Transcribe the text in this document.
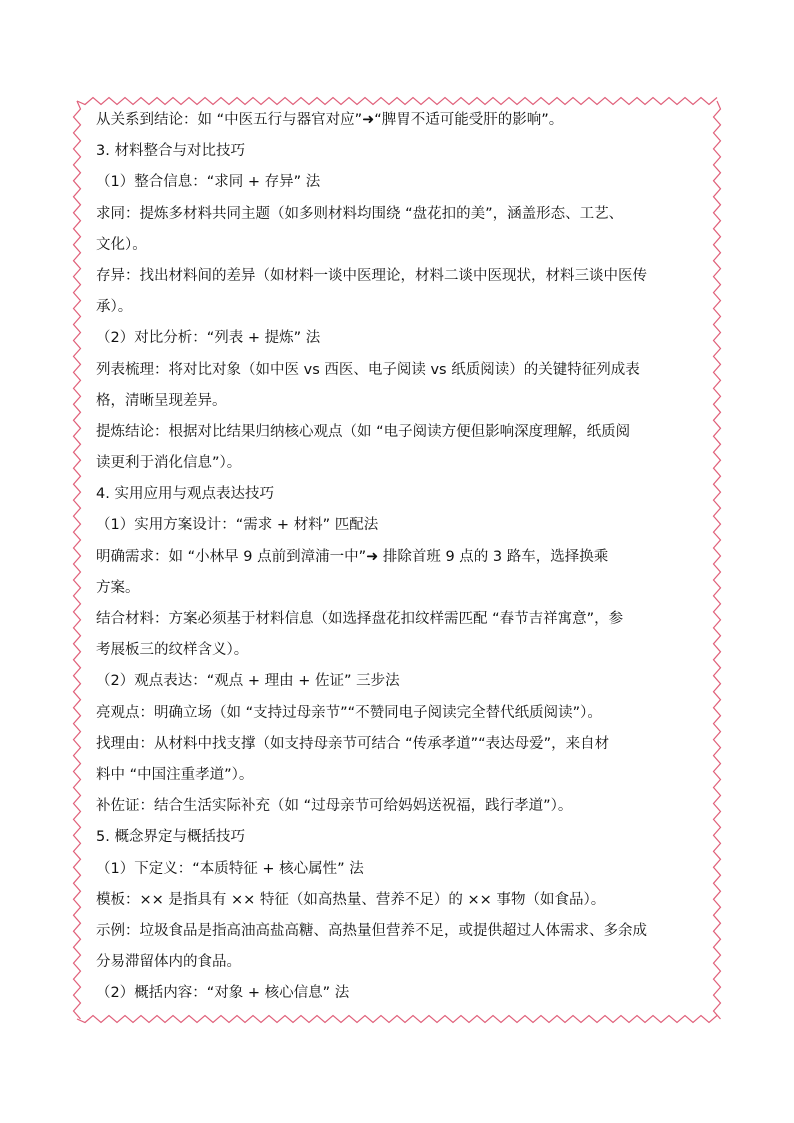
从关系到结论：如 “中医五行与器官对应”➜“脾胃不适可能受肝的影响”。
3. 材料整合与对比技巧
（1）整合信息：“求同 + 存异” 法
求同：提炼多材料共同主题（如多则材料均围绕 “盘花扣的美”，涵盖形态、工艺、
文化）。
存异：找出材料间的差异（如材料一谈中医理论，材料二谈中医现状，材料三谈中医传
承）。
（2）对比分析：“列表 + 提炼” 法
列表梳理：将对比对象（如中医 vs 西医、电子阅读 vs 纸质阅读）的关键特征列成表
格，清晰呈现差异。
提炼结论：根据对比结果归纳核心观点（如 “电子阅读方便但影响深度理解，纸质阅
读更利于消化信息”）。
4. 实用应用与观点表达技巧
（1）实用方案设计：“需求 + 材料” 匹配法
明确需求：如 “小林早 9 点前到漳浦一中”➜ 排除首班 9 点的 3 路车，选择换乘
方案。
结合材料：方案必须基于材料信息（如选择盘花扣纹样需匹配 “春节吉祥寓意”，参
考展板三的纹样含义）。
（2）观点表达：“观点 + 理由 + 佐证” 三步法
亮观点：明确立场（如 “支持过母亲节”“不赞同电子阅读完全替代纸质阅读”）。
找理由：从材料中找支撑（如支持母亲节可结合 “传承孝道”“表达母爱”，来自材
料中 “中国注重孝道”）。
补佐证：结合生活实际补充（如 “过母亲节可给妈妈送祝福，践行孝道”）。
5. 概念界定与概括技巧
（1）下定义：“本质特征 + 核心属性” 法
模板：×× 是指具有 ×× 特征（如高热量、营养不足）的 ×× 事物（如食品）。
示例：垃圾食品是指高油高盐高糖、高热量但营养不足，或提供超过人体需求、多余成
分易滞留体内的食品。
（2）概括内容：“对象 + 核心信息” 法
